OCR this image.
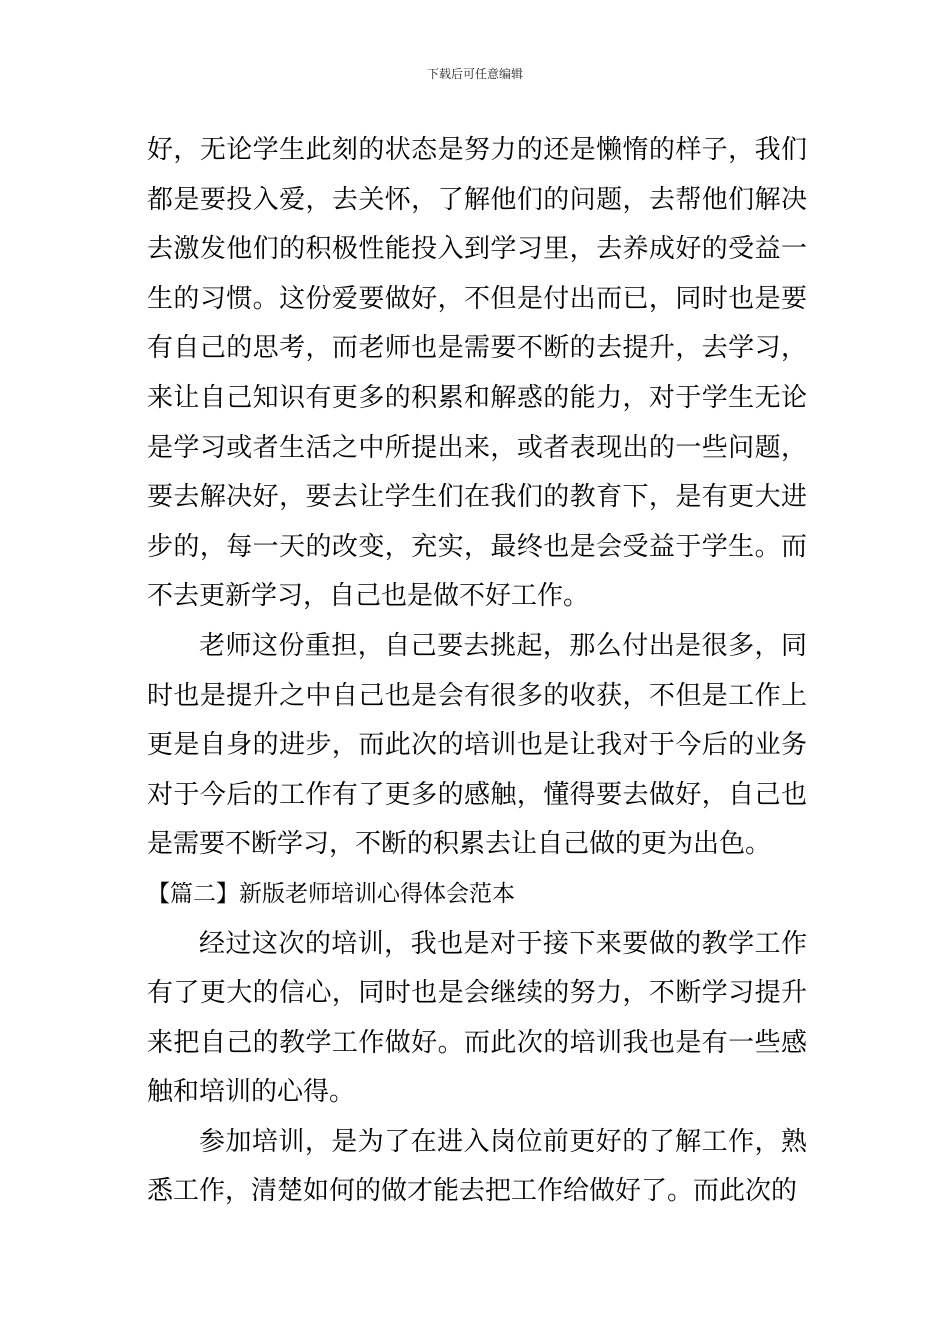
下载后可任意编辑
好，无论学生此刻的状态是努力的还是懒惰的样子，我们
都是要投入爱，去关怀，了解他们的问题，去帮他们解决
去激发他们的积极性能投入到学习里，去养成好的受益一
生的习惯。这份爱要做好，不但是付出而已，同时也是要
有自己的思考，而老师也是需要不断的去提升，去学习，
来让自己知识有更多的积累和解惑的能力，对于学生无论
是学习或者生活之中所提出来，或者表现出的一些问题，
要去解决好，要去让学生们在我们的教育下，是有更大进
步的，每一天的改变，充实，最终也是会受益于学生。而
不去更新学习，自己也是做不好工作。
老师这份重担，自己要去挑起，那么付出是很多，同
时也是提升之中自己也是会有很多的收获，不但是工作上
更是自身的进步，而此次的培训也是让我对于今后的业务
对于今后的工作有了更多的感触，懂得要去做好，自己也
是需要不断学习，不断的积累去让自己做的更为出色。
【篇二】新版老师培训心得体会范本
经过这次的培训，我也是对于接下来要做的教学工作
有了更大的信心，同时也是会继续的努力，不断学习提升
来把自己的教学工作做好。而此次的培训我也是有一些感
触和培训的心得。
参加培训，是为了在进入岗位前更好的了解工作，熟
悉工作，清楚如何的做才能去把工作给做好了。而此次的
